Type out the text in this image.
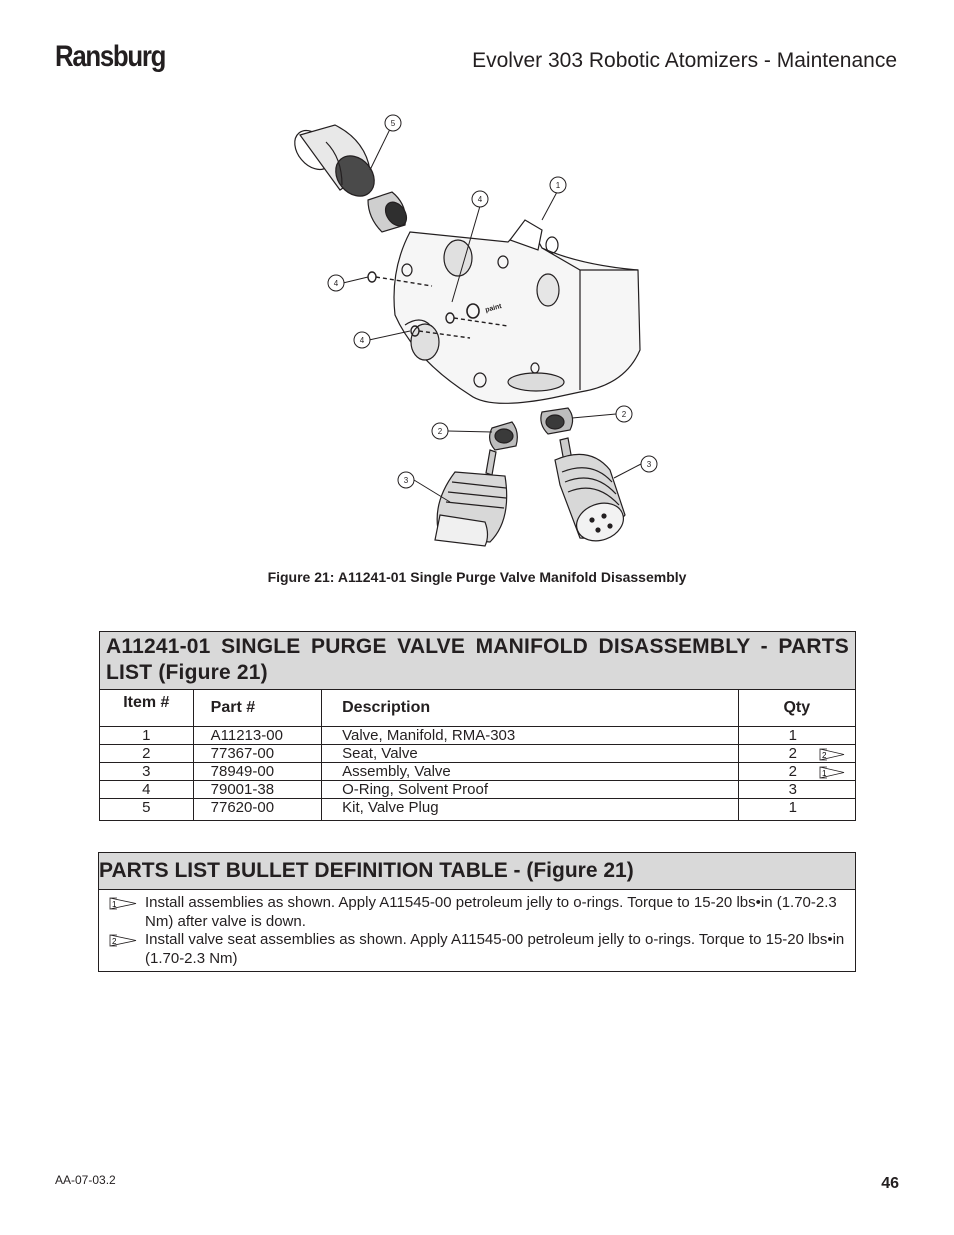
Ransburg	Evolver 303 Robotic Atomizers - Maintenance
5
1
4
4
4
2
2
3
3
paint
Figure 21: A11241-01 Single Purge Valve Manifold Disassembly
A11241-01 SINGLE PURGE VALVE MANIFOLD DISASSEMBLY - PARTS LIST (Figure 21)			
Item #	Part #	Description	Qty
1	A11213-00	Valve, Manifold, RMA-303	1

2	77367-00	Seat, Valve	2 2

3	78949-00	Assembly, Valve	2 1

4	79001-38	O-Ring, Solvent Proof	3

5	77620-00	Kit, Valve Plug	1
PARTS LIST BULLET DEFINITION TABLE - (Figure 21)

1 Install assemblies as shown. Apply A11545-00 petroleum jelly to o-rings. Torque to 15-20 lbs•in (1.70-2.3 Nm) after valve is down.
2 Install valve seat assemblies as shown. Apply A11545-00 petroleum jelly to o-rings. Torque to 15-20 lbs•in (1.70-2.3 Nm)
AA-07-03.2	46
